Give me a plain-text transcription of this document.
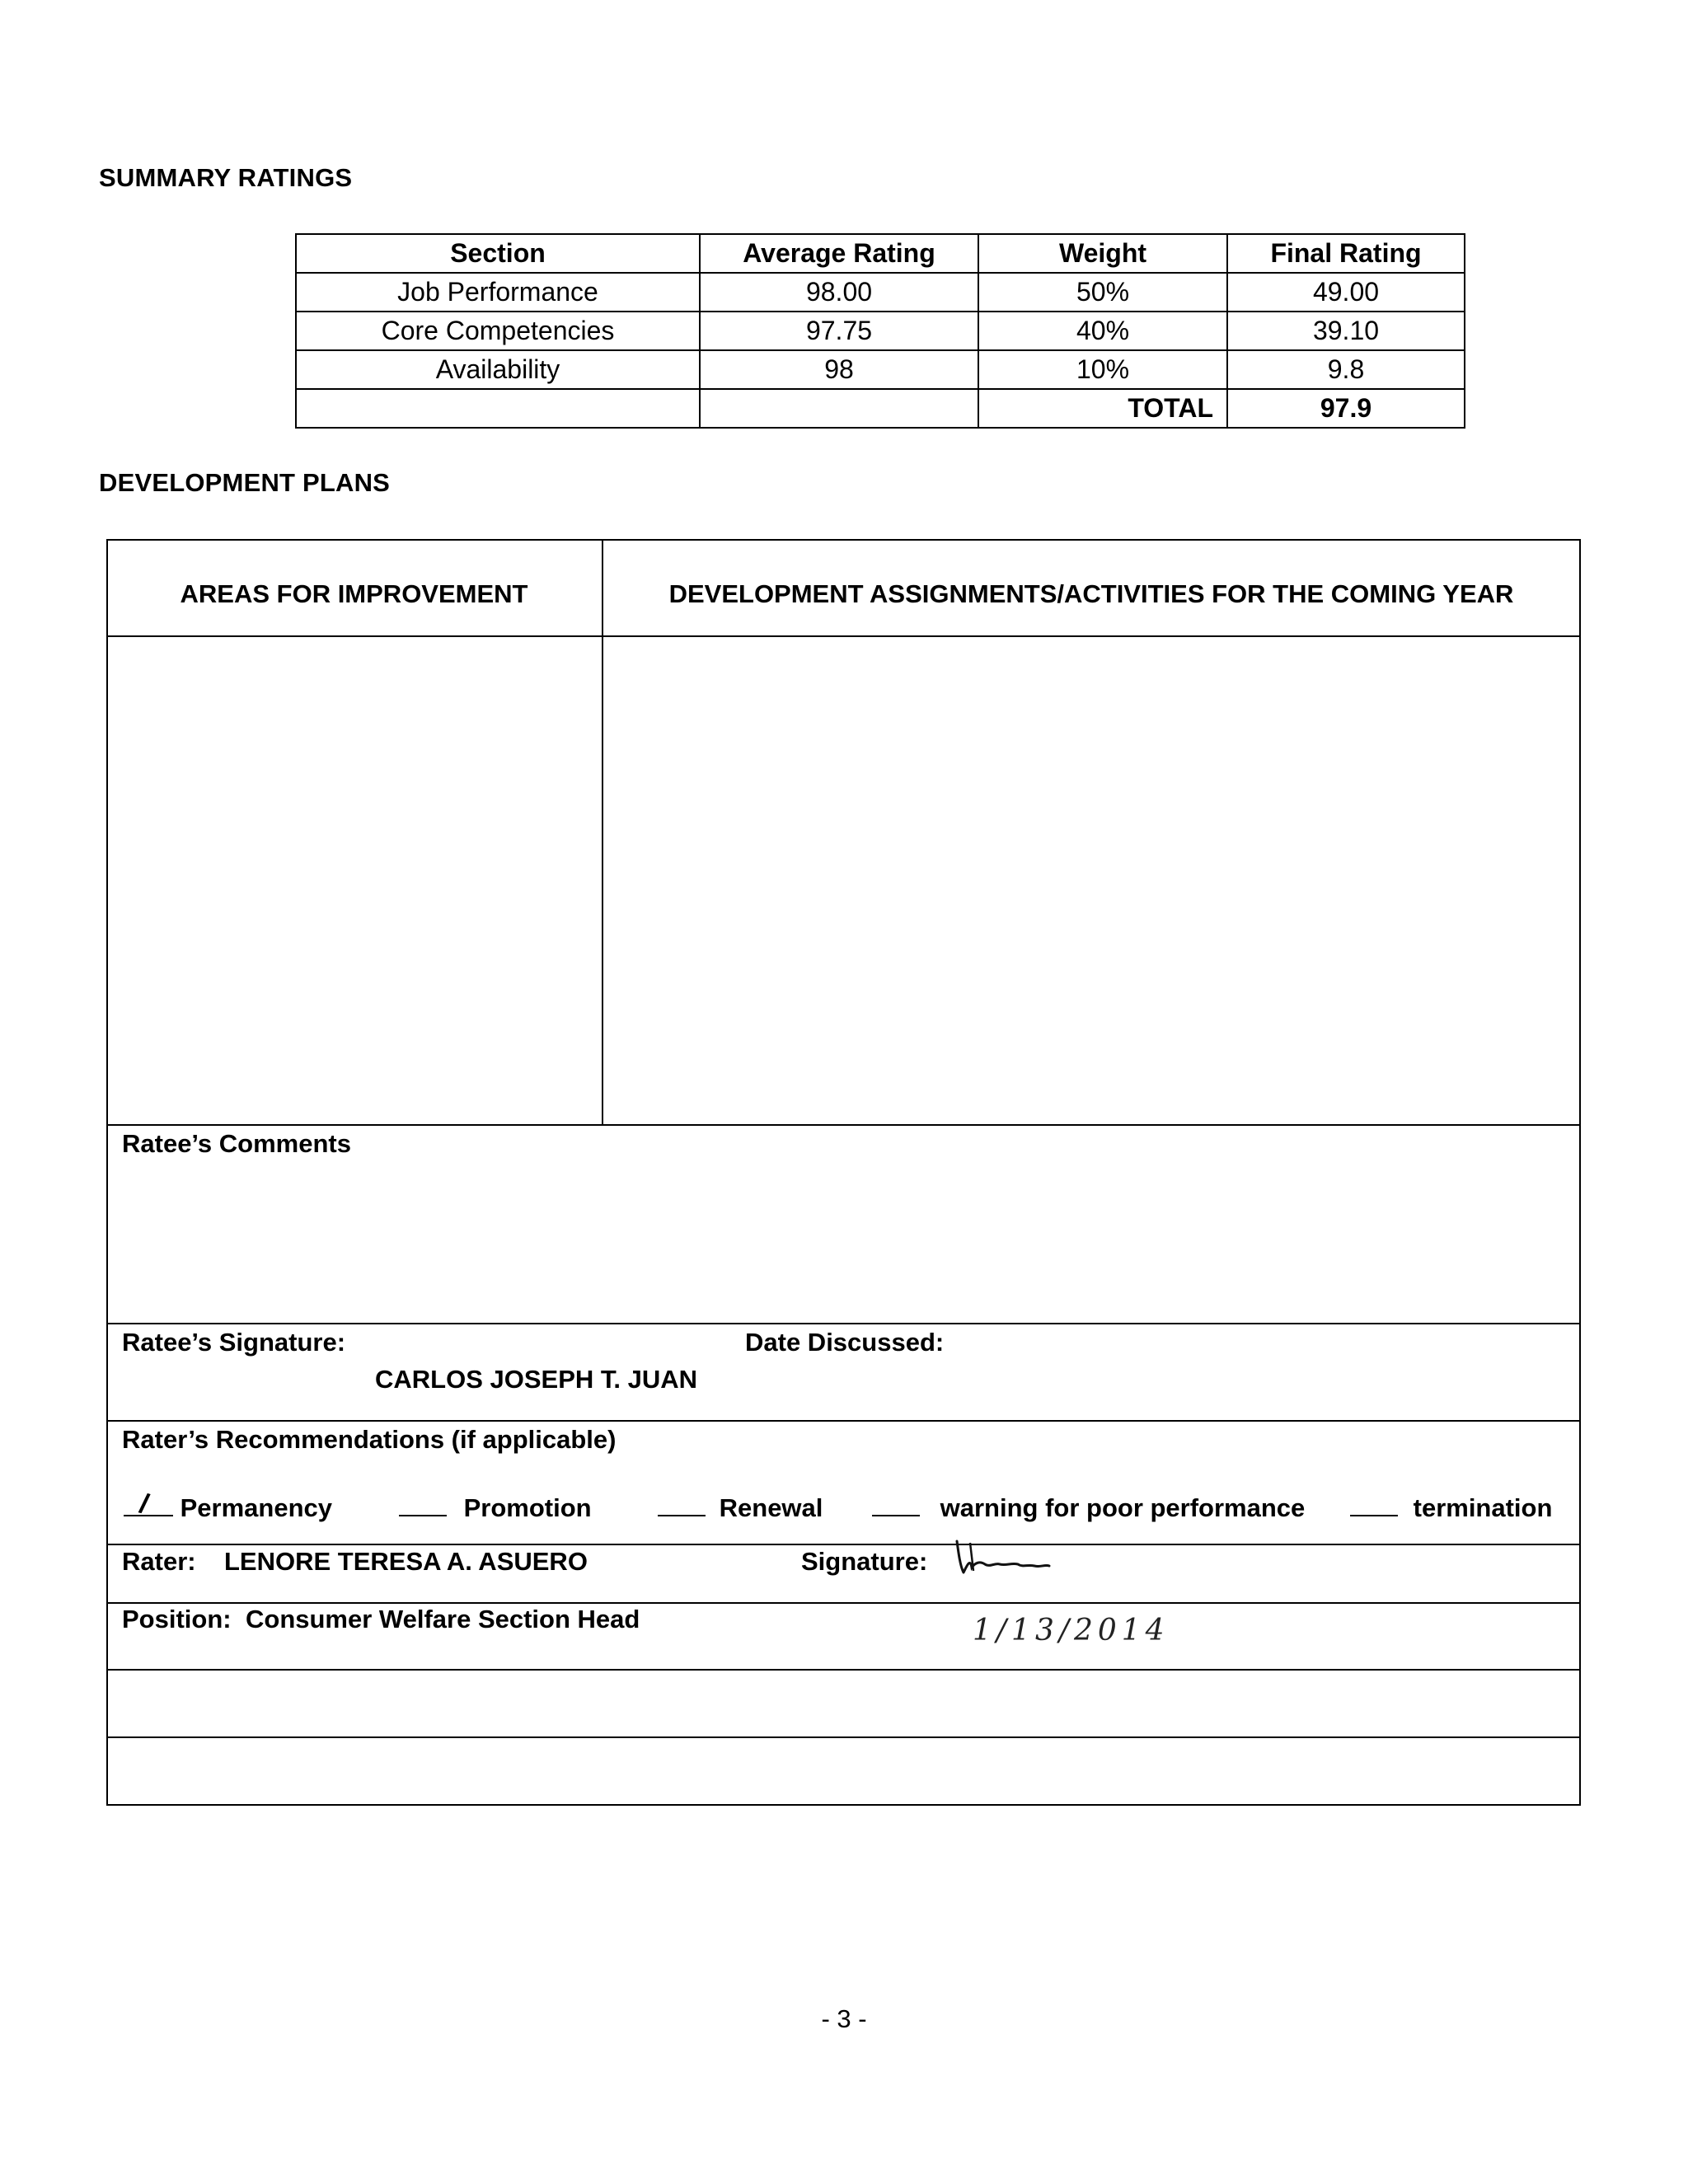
SUMMARY RATINGS
Section	Average Rating	Weight	Final Rating
Job Performance	98.00	50%	49.00
Core Competencies	97.75	40%	39.10
Availability	98	10%	9.8
		TOTAL	97.9
DEVELOPMENT PLANS
AREAS FOR IMPROVEMENT	DEVELOPMENT ASSIGNMENTS/ACTIVITIES FOR THE COMING YEAR
Ratee’s Comments
Ratee’s Signature:	Date Discussed:
CARLOS JOSEPH T. JUAN
Rater’s Recommendations (if applicable)

/ Permanency	Promotion	Renewal	warning for poor performance	termination
Rater: LENORE TERESA A. ASUERO	Signature:
Position: Consumer Welfare Section Head	1/13/2014
- 3 -
